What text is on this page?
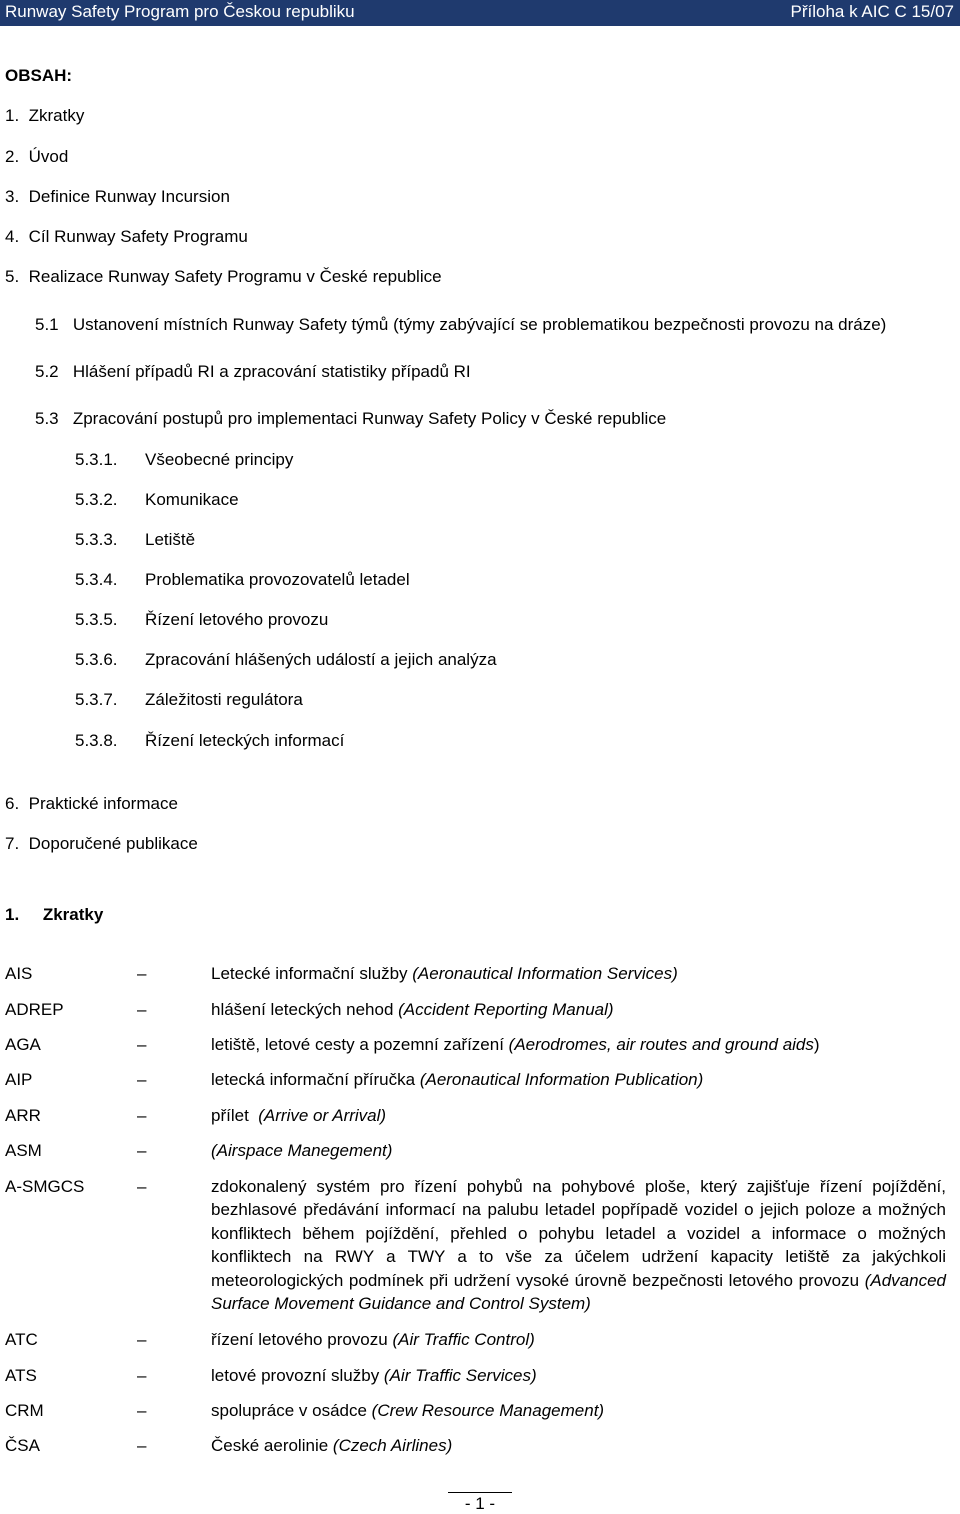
Runway Safety Program pro Českou republiku	Příloha k AIC C 15/07
OBSAH:
1. Zkratky
2. Úvod
3. Definice Runway Incursion
4. Cíl Runway Safety Programu
5. Realizace Runway Safety Programu v České republice
5.1 Ustanovení místních Runway Safety týmů (týmy zabývající se problematikou bezpečnosti provozu na dráze)
5.2 Hlášení případů RI a zpracování statistiky případů RI
5.3 Zpracování postupů pro implementaci Runway Safety Policy v České republice
5.3.1. Všeobecné principy
5.3.2. Komunikace
5.3.3. Letiště
5.3.4. Problematika provozovatelů letadel
5.3.5. Řízení letového provozu
5.3.6. Zpracování hlášených událostí a jejich analýza
5.3.7. Záležitosti regulátora
5.3.8. Řízení leteckých informací
6. Praktické informace
7. Doporučené publikace
1. Zkratky
AIS	–	Letecké informační služby (Aeronautical Information Services)
ADREP	–	hlášení leteckých nehod (Accident Reporting Manual)
AGA	–	letiště, letové cesty a pozemní zařízení (Aerodromes, air routes and ground aids)
AIP	–	letecká informační příručka (Aeronautical Information Publication)
ARR	–	přílet  (Arrive or Arrival)
ASM	–	(Airspace Manegement)
A-SMGCS	–	zdokonalený systém pro řízení pohybů na pohybové ploše, který zajišťuje řízení pojíždění, bezhlasové předávání informací na palubu letadel popřípadě vozidel o jejich poloze a možných konfliktech během pojíždění, přehled o pohybu letadel a vozidel a informace o možných konfliktech na RWY a TWY a to vše za účelem udržení kapacity letiště za jakýchkoli meteorologických podmínek při udržení vysoké úrovně bezpečnosti letového provozu (Advanced Surface Movement Guidance and Control System)
ATC	–	řízení letového provozu (Air Traffic Control)
ATS	–	letové provozní služby (Air Traffic Services)
CRM	–	spolupráce v osádce (Crew Resource Management)
ČSA	–	České aerolinie (Czech Airlines)
- 1 -
